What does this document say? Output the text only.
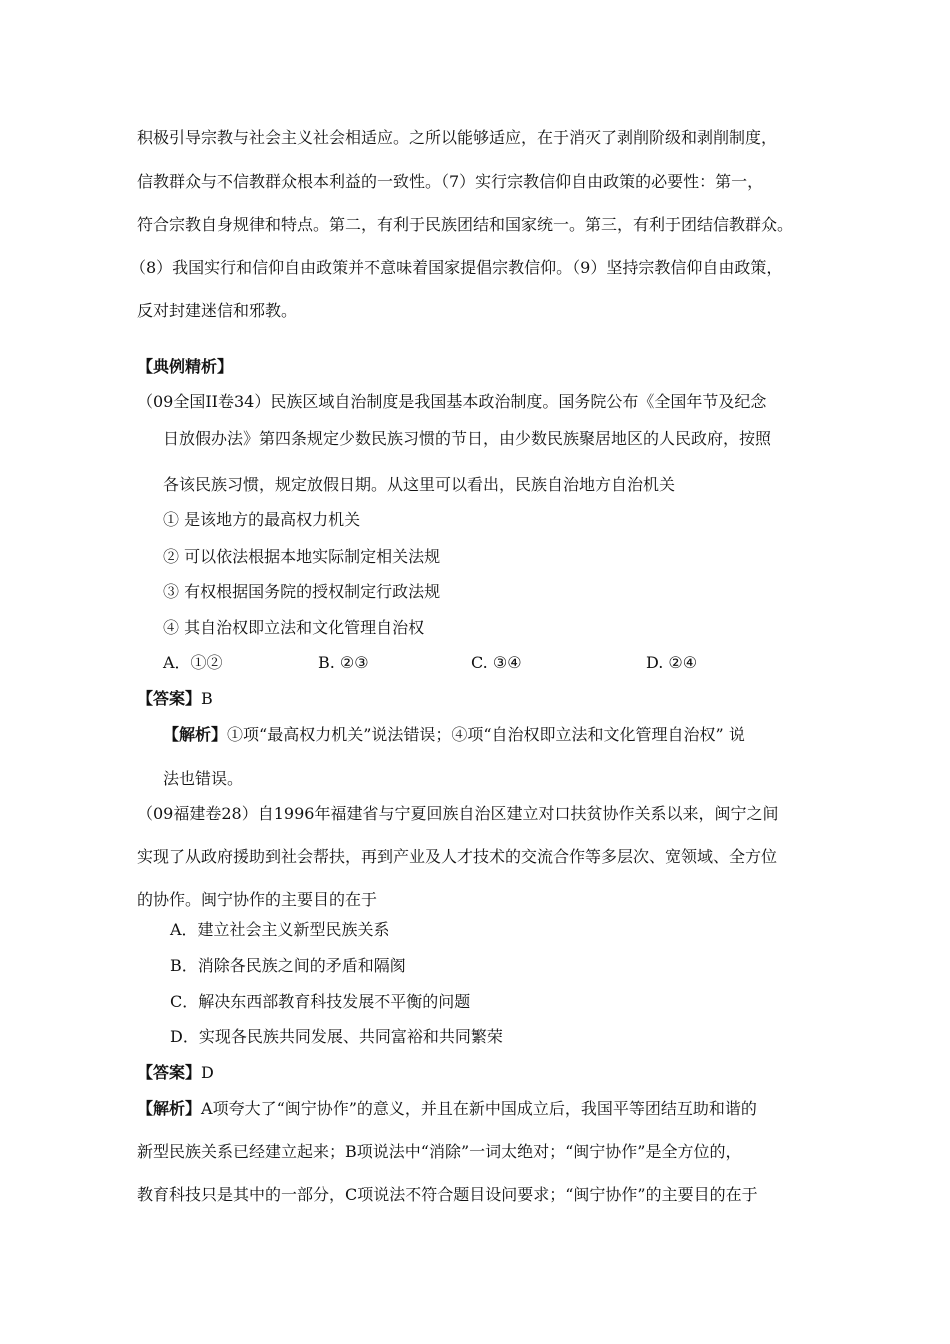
积极引导宗教与社会主义社会相适应。之所以能够适应，在于消灭了剥削阶级和剥削制度，
信教群众与不信教群众根本利益的一致性。（7）实行宗教信仰自由政策的必要性：第一，
符合宗教自身规律和特点。第二，有利于民族团结和国家统一。第三，有利于团结信教群众。
（8）我国实行和信仰自由政策并不意味着国家提倡宗教信仰。（9）坚持宗教信仰自由政策，
反对封建迷信和邪教。
【典例精析】
（09全国II卷34）民族区域自治制度是我国基本政治制度。国务院公布《全国年节及纪念
日放假办法》第四条规定少数民族习惯的节日，由少数民族聚居地区的人民政府，按照
各该民族习惯，规定放假日期。从这里可以看出，民族自治地方自治机关
① 是该地方的最高权力机关
② 可以依法根据本地实际制定相关法规
③ 有权根据国务院的授权制定行政法规
④ 其自治权即立法和文化管理自治权
A．①②	B. ②③	C. ③④	D. ②④
【答案】B
【解析】①项“最高权力机关”说法错误；④项“自治权即立法和文化管理自治权” 说
法也错误。
（09福建卷28）自1996年福建省与宁夏回族自治区建立对口扶贫协作关系以来，闽宁之间
实现了从政府援助到社会帮扶，再到产业及人才技术的交流合作等多层次、宽领域、全方位
的协作。闽宁协作的主要目的在于
A．建立社会主义新型民族关系
B．消除各民族之间的矛盾和隔阂
C．解决东西部教育科技发展不平衡的问题
D．实现各民族共同发展、共同富裕和共同繁荣
【答案】D
【解析】A项夸大了“闽宁协作”的意义，并且在新中国成立后，我国平等团结互助和谐的
新型民族关系已经建立起来；B项说法中“消除”一词太绝对；“闽宁协作”是全方位的，
教育科技只是其中的一部分，C项说法不符合题目设问要求；“闽宁协作”的主要目的在于
